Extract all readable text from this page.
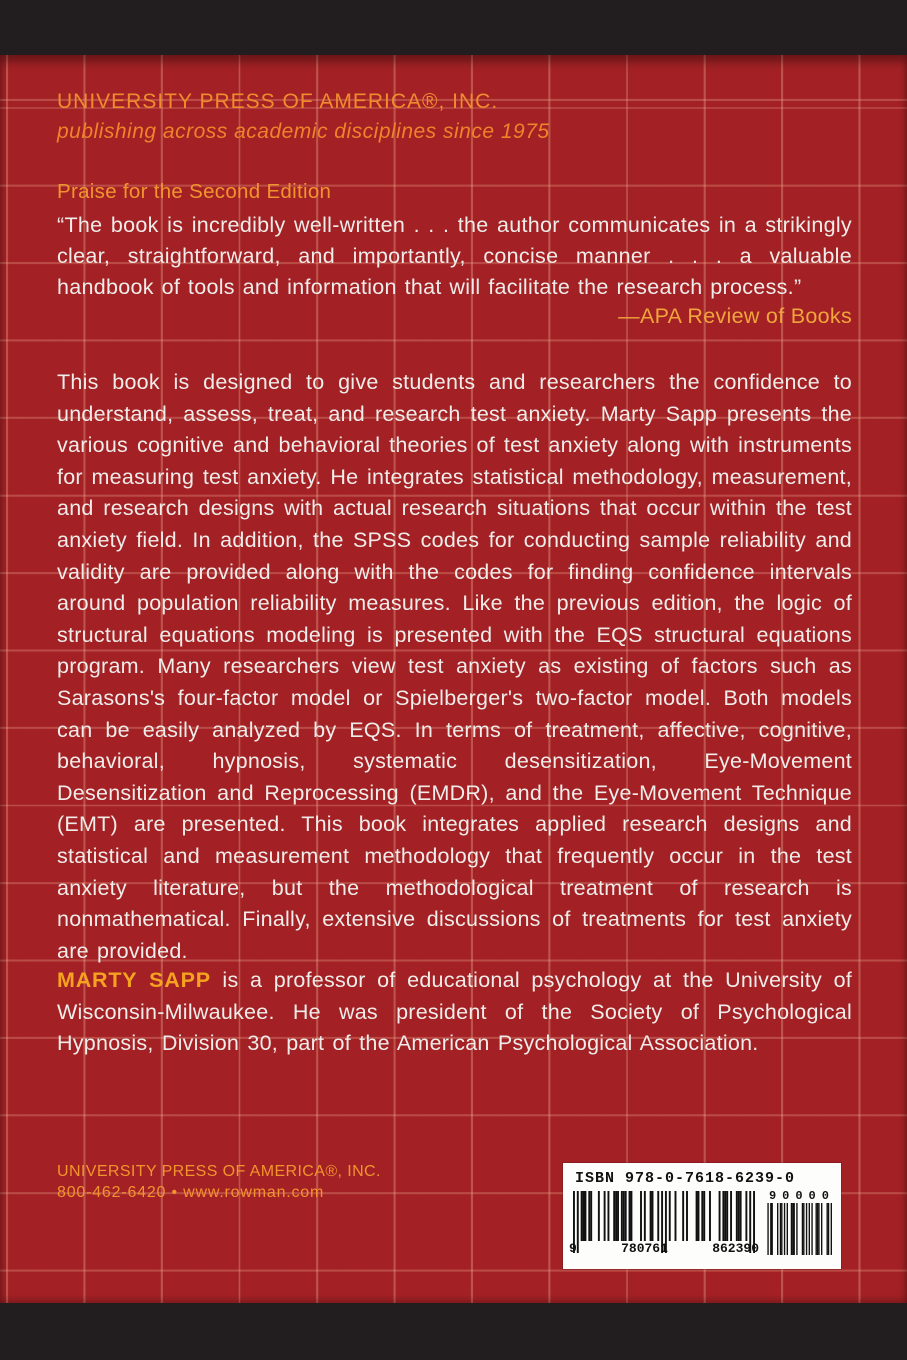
UNIVERSITY PRESS OF AMERICA®, INC.
publishing across academic disciplines since 1975
Praise for the Second Edition
“The book is incredibly well-written . . . the author communicates in a strikingly clear, straightforward, and importantly, concise manner . . . a valuable handbook of tools and information that will facilitate the research process.”
—APA Review of Books
This book is designed to give students and researchers the confidence to understand, assess, treat, and research test anxiety. Marty Sapp presents the various cognitive and behavioral theories of test anxiety along with instruments for measuring test anxiety. He integrates statistical methodology, measurement, and research designs with actual research situations that occur within the test anxiety field. In addition, the SPSS codes for conducting sample reliability and validity are provided along with the codes for finding confidence intervals around population reliability measures. Like the previous edition, the logic of structural equations modeling is presented with the EQS structural equations program. Many researchers view test anxiety as existing of factors such as Sarasons's four-factor model or Spielberger's two-factor model. Both models can be easily analyzed by EQS. In terms of treatment, affective, cognitive, behavioral, hypnosis, systematic desensitization, Eye-Movement Desensitization and Reprocessing (EMDR), and the Eye-Movement Technique (EMT) are presented. This book integrates applied research designs and statistical and measurement methodology that frequently occur in the test anxiety literature, but the methodological treatment of research is nonmathematical. Finally, extensive discussions of treatments for test anxiety are provided.
MARTY SAPP is a professor of educational psychology at the University of Wisconsin-Milwaukee. He was president of the Society of Psychological Hypnosis, Division 30, part of the American Psychological Association.
UNIVERSITY PRESS OF AMERICA®, INC.
800-462-6420 • www.rowman.com
ISBN 978-0-7618-6239-0
9	780761	862390
9 0 0 0 0
